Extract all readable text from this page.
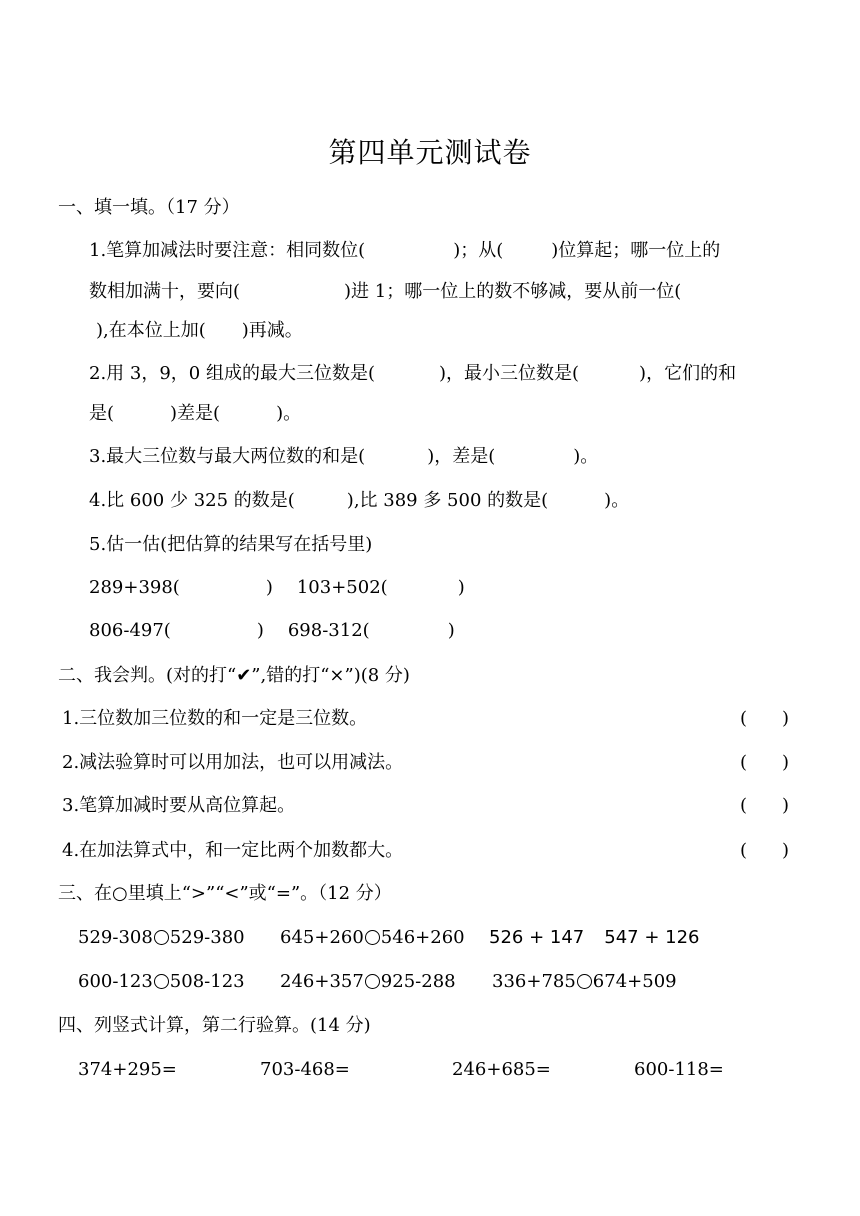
第四单元测试卷
一、填一填。（17 分）
1.笔算加减法时要注意：相同数位(	)；从(	)位算起；哪一位上的
数相加满十，要向(	)进 1；哪一位上的数不够减，要从前一位(
),在本位上加( )再减。
2.用 3，9，0 组成的最大三位数是(	)，最小三位数是(	)，它们的和
是(	)差是(	)。
3.最大三位数与最大两位数的和是(	)，差是(	)。
4.比 600 少 325 的数是(	),比 389 多 500 的数是(	)。
5.估一估(把估算的结果写在括号里)
289+398(	) 103+502(	)
806-497(	) 698-312(	)
二、我会判。(对的打“✔”,错的打“×”)(8 分)
1.三位数加三位数的和一定是三位数。	( )
2.减法验算时可以用加法，也可以用减法。	( )
3.笔算加减时要从高位算起。	( )
4.在加法算式中，和一定比两个加数都大。	( )
三、在○里填上“>”“<”或“=”。（12 分）
529-308 529-380 645+260 546+260 526 + 147 547 + 126
600-123 508-123 246+357 925-288 336+785 674+509
四、列竖式计算，第二行验算。(14 分)
374+295=	703-468=	246+685=	600-118=
